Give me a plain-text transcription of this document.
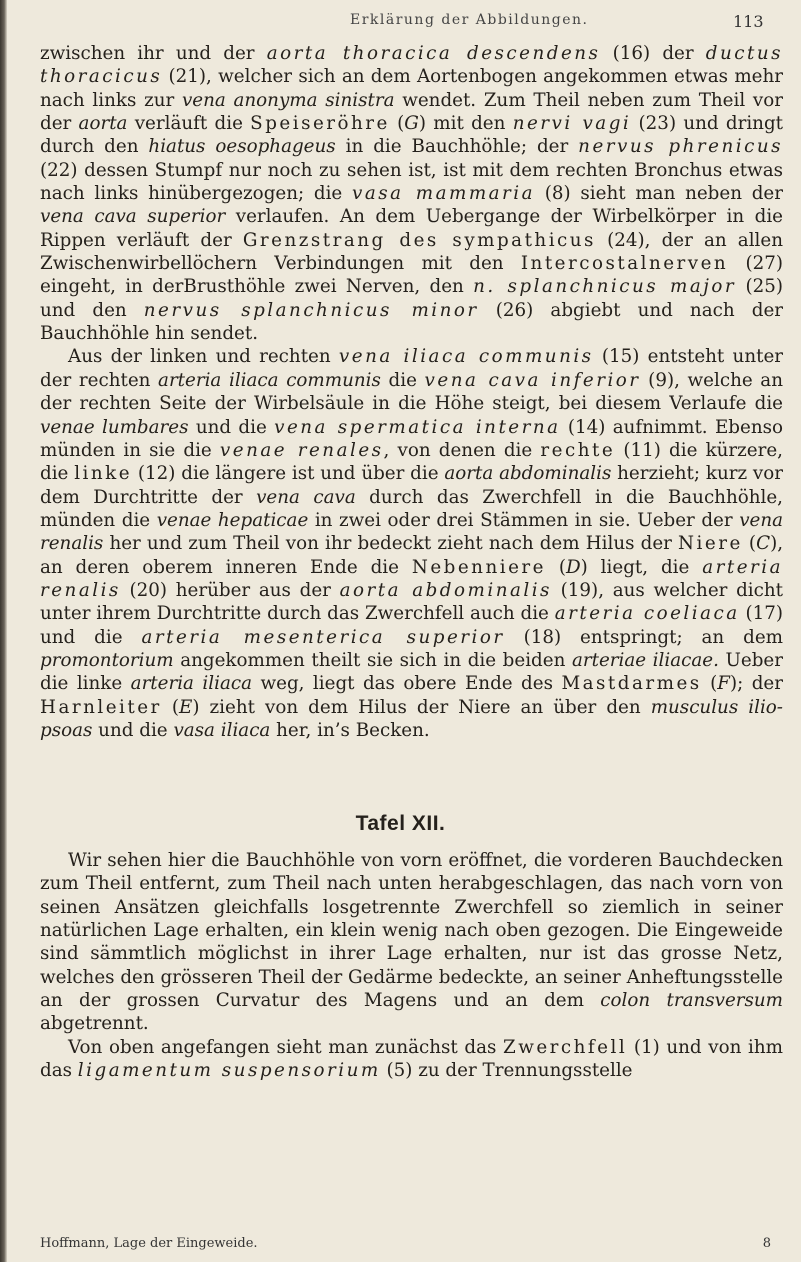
Erklärung der Abbildungen.	113

zwischen ihr und der aorta thoracica descendens (16) der ductus thoracicus (21), welcher sich an dem Aortenbogen angekommen etwas mehr nach links zur vena anonyma sinistra wendet. Zum Theil neben zum Theil vor der aorta verläuft die Speiseröhre (G) mit den nervi vagi (23) und dringt durch den hiatus oesophageus in die Bauchhöhle; der nervus phrenicus (22) dessen Stumpf nur noch zu sehen ist, ist mit dem rechten Bronchus etwas nach links hinübergezogen; die vasa mammaria (8) sieht man neben der vena cava superior verlaufen. An dem Uebergange der Wirbelkörper in die Rippen verläuft der Grenzstrang des sympathicus (24), der an allen Zwischenwirbellöchern Verbindungen mit den Intercostalnerven (27) eingeht, in derBrusthöhle zwei Nerven, den n. splanchnicus major (25) und den nervus splanchnicus minor (26) abgiebt und nach der Bauchhöhle hin sendet.

Aus der linken und rechten vena iliaca communis (15) entsteht unter der rechten arteria iliaca communis die vena cava inferior (9), welche an der rechten Seite der Wirbelsäule in die Höhe steigt, bei diesem Verlaufe die venae lumbares und die vena spermatica interna (14) aufnimmt. Ebenso münden in sie die venae renales, von denen die rechte (11) die kürzere, die linke (12) die längere ist und über die aorta abdominalis herzieht; kurz vor dem Durchtritte der vena cava durch das Zwerchfell in die Bauchhöhle, münden die venae hepaticae in zwei oder drei Stämmen in sie. Ueber der vena renalis her und zum Theil von ihr bedeckt zieht nach dem Hilus der Niere (C), an deren oberem inneren Ende die Nebenniere (D) liegt, die arteria renalis (20) herüber aus der aorta abdominalis (19), aus welcher dicht unter ihrem Durchtritte durch das Zwerchfell auch die arteria coeliaca (17) und die arteria mesenterica superior (18) entspringt; an dem promontorium angekommen theilt sie sich in die beiden arteriae iliacae. Ueber die linke arteria iliaca weg, liegt das obere Ende des Mastdarmes (F); der Harnleiter (E) zieht von dem Hilus der Niere an über den musculus ilio-psoas und die vasa iliaca her, in’s Becken.

Tafel XII.

Wir sehen hier die Bauchhöhle von vorn eröffnet, die vorderen Bauchdecken zum Theil entfernt, zum Theil nach unten herabgeschlagen, das nach vorn von seinen Ansätzen gleichfalls losgetrennte Zwerchfell so ziemlich in seiner natürlichen Lage erhalten, ein klein wenig nach oben gezogen. Die Eingeweide sind sämmtlich möglichst in ihrer Lage erhalten, nur ist das grosse Netz, welches den grösseren Theil der Gedärme bedeckte, an seiner Anheftungsstelle an der grossen Curvatur des Magens und an dem colon transversum abgetrennt.

Von oben angefangen sieht man zunächst das Zwerchfell (1) und von ihm das ligamentum suspensorium (5) zu der Trennungsstelle

Hoffmann, Lage der Eingeweide.	8
